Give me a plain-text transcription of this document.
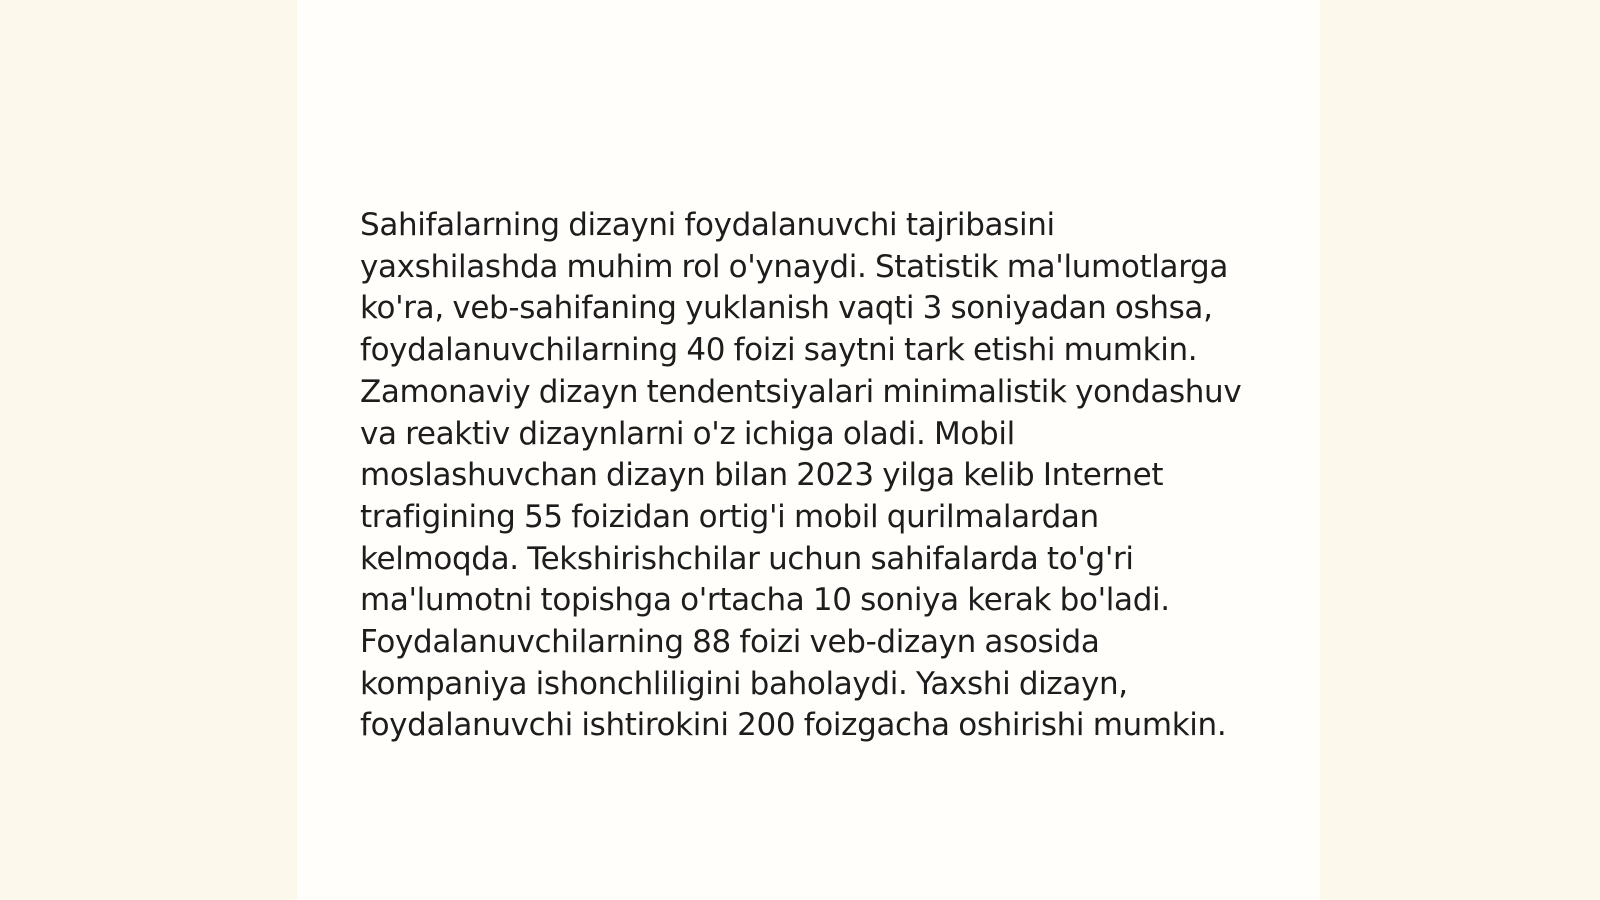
Sahifalarning dizayni foydalanuvchi tajribasini yaxshilashda muhim rol o'ynaydi. Statistik ma'lumotlarga ko'ra, veb-sahifaning yuklanish vaqti 3 soniyadan oshsa, foydalanuvchilarning 40 foizi saytni tark etishi mumkin. Zamonaviy dizayn tendentsiyalari minimalistik yondashuv va reaktiv dizaynlarni o'z ichiga oladi. Mobil moslashuvchan dizayn bilan 2023 yilga kelib Internet trafigining 55 foizidan ortig'i mobil qurilmalardan kelmoqda. Tekshirishchilar uchun sahifalarda to'g'ri ma'lumotni topishga o'rtacha 10 soniya kerak bo'ladi. Foydalanuvchilarning 88 foizi veb-dizayn asosida kompaniya ishonchliligini baholaydi. Yaxshi dizayn, foydalanuvchi ishtirokini 200 foizgacha oshirishi mumkin.
